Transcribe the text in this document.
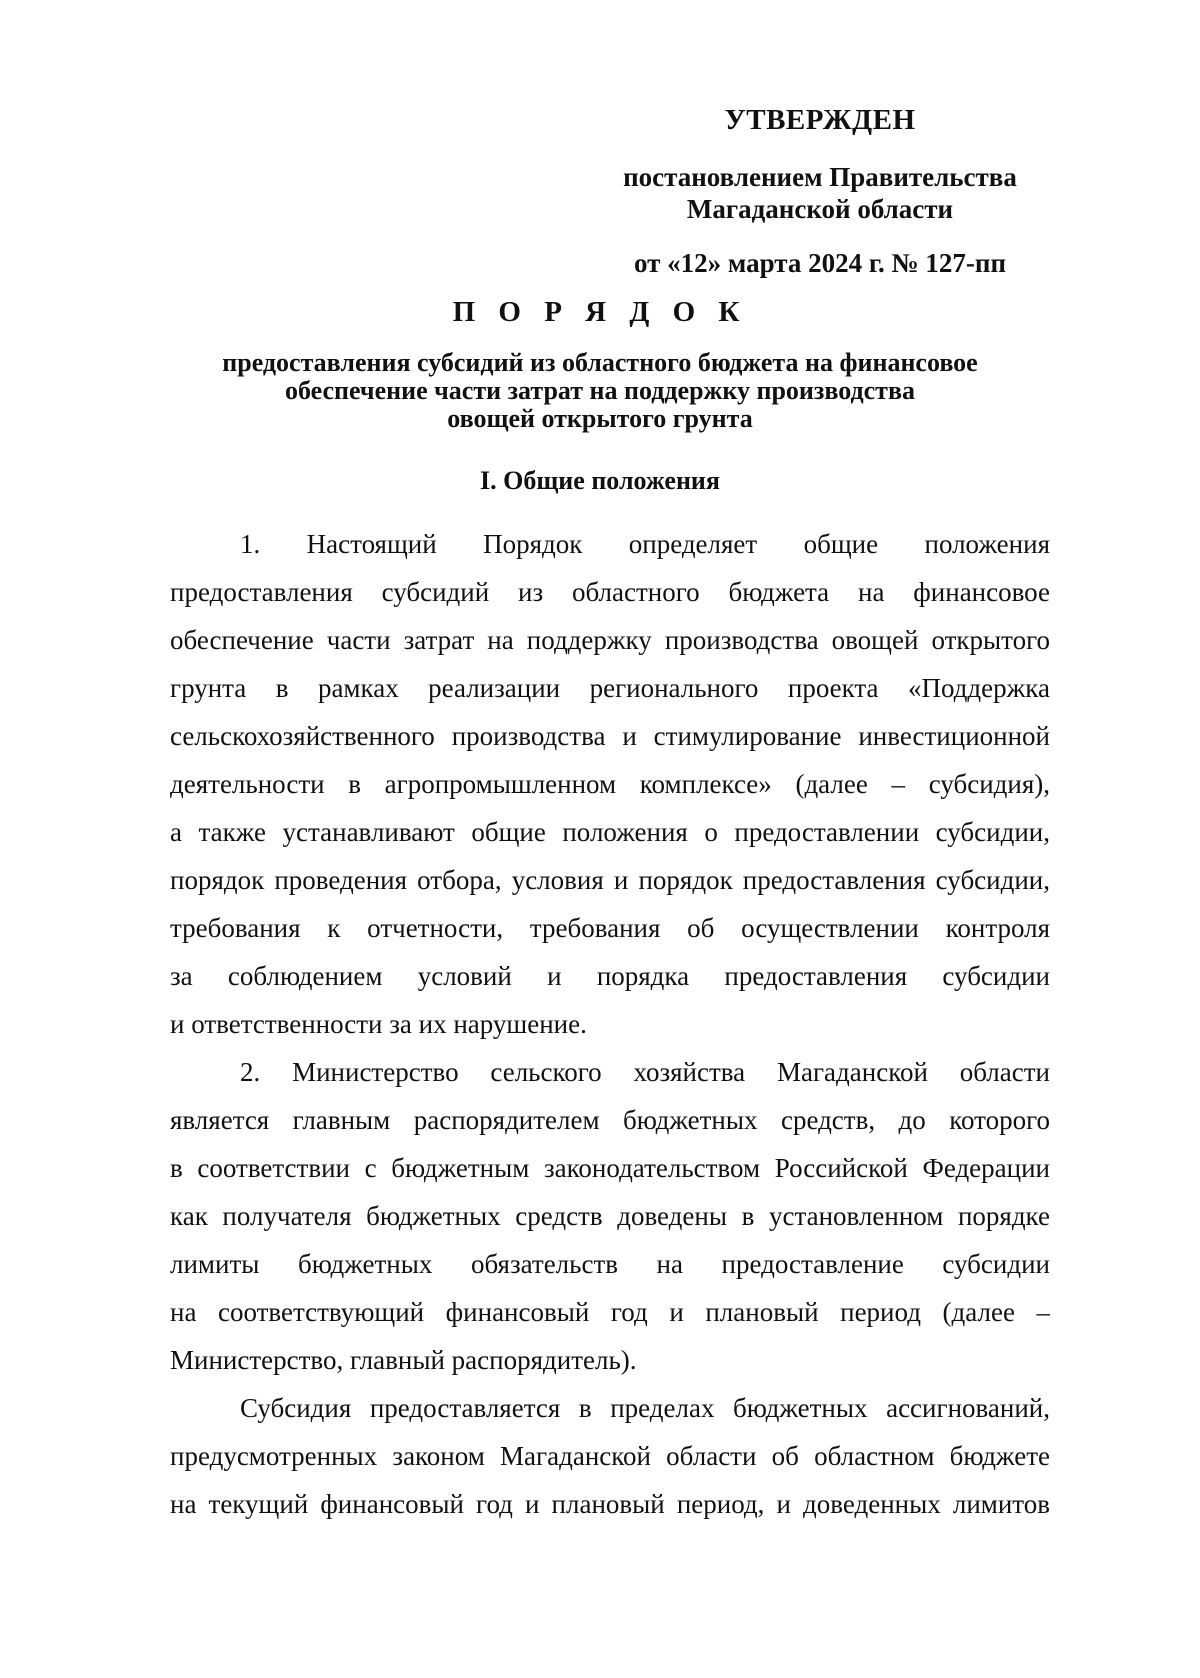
УТВЕРЖДЕН
постановлением Правительства
Магаданской области
от «12» марта 2024 г. № 127-пп
П О Р Я Д О К
предоставления субсидий из областного бюджета на финансовое
обеспечение части затрат на поддержку производства
овощей открытого грунта
I. Общие положения
1. Настоящий Порядок определяет общие положения
предоставления субсидий из областного бюджета на финансовое
обеспечение части затрат на поддержку производства овощей открытого
грунта в рамках реализации регионального проекта «Поддержка
сельскохозяйственного производства и стимулирование инвестиционной
деятельности в агропромышленном комплексе» (далее – субсидия),
а также устанавливают общие положения о предоставлении субсидии,
порядок проведения отбора, условия и порядок предоставления субсидии,
требования к отчетности, требования об осуществлении контроля
за соблюдением условий и порядка предоставления субсидии
и ответственности за их нарушение.
2. Министерство сельского хозяйства Магаданской области
является главным распорядителем бюджетных средств, до которого
в соответствии с бюджетным законодательством Российской Федерации
как получателя бюджетных средств доведены в установленном порядке
лимиты бюджетных обязательств на предоставление субсидии
на соответствующий финансовый год и плановый период (далее –
Министерство, главный распорядитель).
Субсидия предоставляется в пределах бюджетных ассигнований,
предусмотренных законом Магаданской области об областном бюджете
на текущий финансовый год и плановый период, и доведенных лимитов
